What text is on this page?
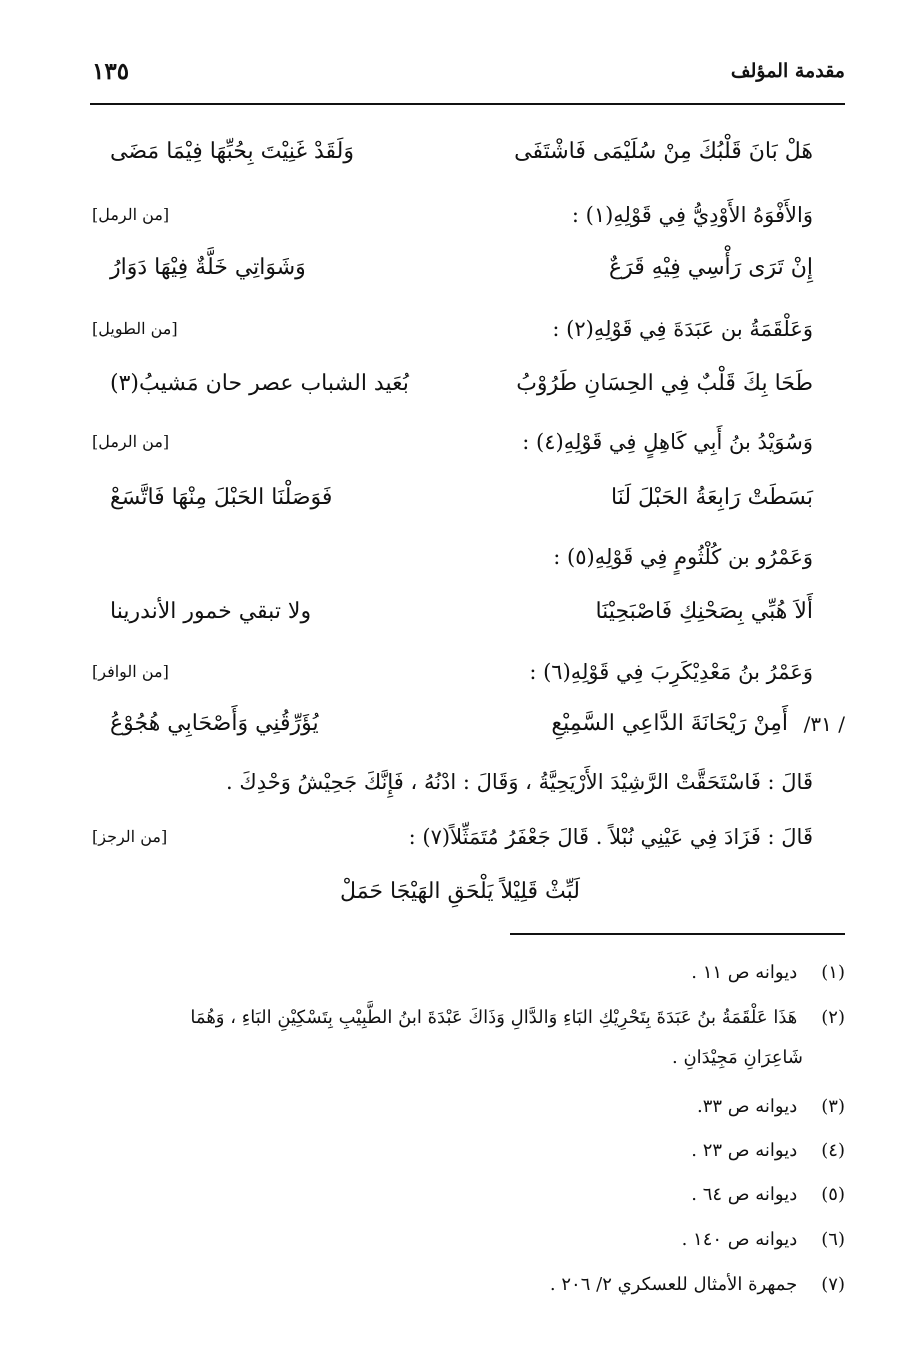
مقدمة المؤلف
١٣٥
هَلْ بَانَ قَلْبُكَ مِنْ سُلَيْمَى فَاشْتَفَى
وَلَقَدْ غَنِيْتَ بِحُبِّهَا فِيْمَا مَضَى
وَالأَفْوَهُ الأَوْدِيُّ فِي قَوْلِهِ(١) :
[من الرمل]
إِنْ تَرَى رَأْسِي فِيْهِ قَرَعٌ
وَشَوَاتِي خَلَّةٌ فِيْهَا دَوَارُ
وَعَلْقَمَةُ بن عَبَدَةَ فِي قَوْلِهِ(٢) :
[من الطويل]
طَحَا بِكَ قَلْبٌ فِي الحِسَانِ طَرُوْبُ
بُعَيد الشباب عصر حان مَشيبُ(٣)
وَسُوَيْدُ بنُ أَبِي كَاهِلٍ فِي قَوْلِهِ(٤) :
[من الرمل]
بَسَطَتْ رَابِعَةُ الحَبْلَ لَنَا
فَوَصَلْنَا الحَبْلَ مِنْهَا فَاتَّسَعْ
وَعَمْرُو بن كُلْثُومٍ فِي قَوْلِهِ(٥) :
أَلاَ هُبِّي بِصَحْنِكِ فَاصْبَحِيْنَا
ولا تبقي خمور الأندرينا
وَعَمْرُ بنُ مَعْدِيْكَرِبَ فِي قَوْلِهِ(٦) :
[من الوافر]
/ ٣١/
أَمِنْ رَيْحَانَةَ الدَّاعِي السَّمِيْعِ
يُؤَرِّقُنِي وَأَصْحَابِي هُجُوْعُ
قَالَ : فَاسْتَحَقَّتْ الرَّشِيْدَ الأَرْيَحِيَّةُ ، وَقَالَ : ادْنُهُ ، فَإِنَّكَ جَحِيْشُ وَحْدِكَ .
قَالَ : فَزَادَ فِي عَيْنِي نُبْلاً . قَالَ جَعْفَرُ مُتَمَثِّلاً(٧) :
[من الرجز]
لَبِّثْ قَلِيْلاً يَلْحَقِ الهَيْجَا حَمَلْ
(١) ديوانه ص ١١ .
(٢) هَذَا عَلْقَمَةُ بنُ عَبَدَةَ بِتَحْرِيْكِ البَاءِ وَالدَّالِ وَذَاكَ عَبْدَةَ ابنُ الطَّبِيْبِ بِتَسْكِيْنِ البَاءِ ، وَهُمَا
شَاعِرَانِ مَجِيْدَانِ .
(٣) ديوانه ص ٣٣.
(٤) ديوانه ص ٢٣ .
(٥) ديوانه ص ٦٤ .
(٦) ديوانه ص ١٤٠ .
(٧) جمهرة الأمثال للعسكري ٢/ ٢٠٦ .
